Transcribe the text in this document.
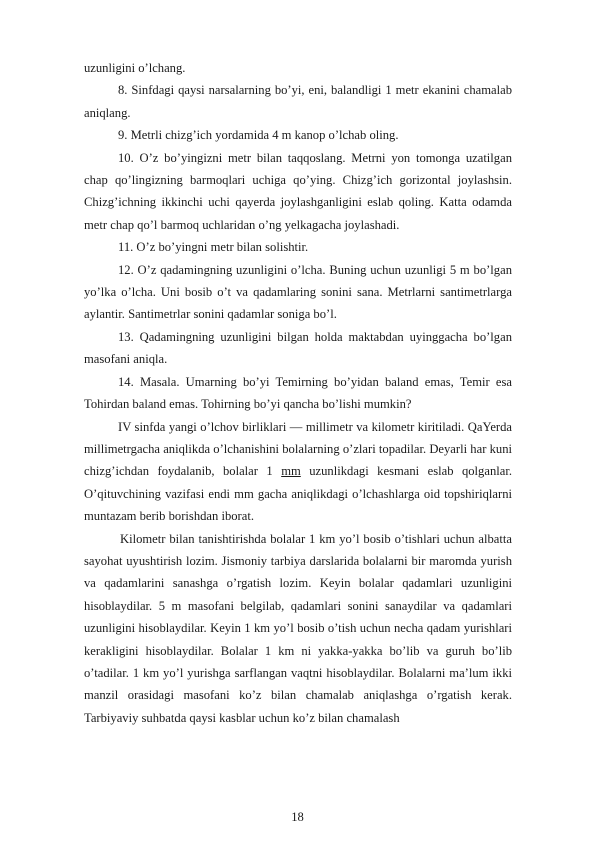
uzunligini o’lchang.

8. Sinfdagi qaysi narsalarning bo’yi, eni, balandligi 1 metr ekanini chamalab aniqlang.

9. Metrli chizg’ich yordamida 4 m kanop o’lchab oling.

10. O’z bo’yingizni metr bilan taqqoslang. Metrni yon tomonga uzatilgan chap qo’lingizning barmoqlari uchiga qo’ying. Chizg’ich gorizontal joylashsin. Chizg’ichning ikkinchi uchi qayerda joylashganligini eslab qoling. Katta odamda metr chap qo’l barmoq uchlaridan o’ng yelkagacha joylashadi.

11. O’z bo’yingni metr bilan solishtir.

12. O’z qadamingning uzunligini o’lcha. Buning uchun uzunligi 5 m bo’lgan yo’lka o’lcha. Uni bosib o’t va qadamlaring sonini sana. Metrlarni santimetrlarga aylantir. Santimetrlar sonini qadamlar soniga bo’l.

13. Qadamingning uzunligini bilgan holda maktabdan uyinggacha bo’lgan masofani aniqla.

14. Masala. Umarning bo’yi Temirning bo’yidan baland emas, Temir esa Tohirdan baland emas. Tohirning bo’yi qancha bo’lishi mumkin?

IV sinfda yangi o’lchov birliklari — millimetr va kilometr kiritiladi. QaYerda millimetrgacha aniqlikda o’lchanishini bolalarning o’zlari topadilar. Deyarli har kuni chizg’ichdan foydalanib, bolalar 1 mm uzunlikdagi kesmani eslab qolganlar. O’qituvchining vazifasi endi mm gacha aniqlikdagi o’lchashlarga oid topshiriqlarni muntazam berib borishdan iborat.

Kilometr bilan tanishtirishda bolalar 1 km yo’l bosib o’tishlari uchun albatta sayohat uyushtirish lozim. Jismoniy tarbiya darslarida bolalarni bir maromda yurish va qadamlarini sanashga o’rgatish lozim. Keyin bolalar qadamlari uzunligini hisoblaydilar. 5 m masofani belgilab, qadamlari sonini sanaydilar va qadamlari uzunligini hisoblaydilar. Keyin 1 km yo’l bosib o’tish uchun necha qadam yurishlari kerakligini hisoblaydilar. Bolalar 1 km ni yakka-yakka bo’lib va guruh bo’lib o’tadilar. 1 km yo’l yurishga sarflangan vaqtni hisoblaydilar. Bolalarni ma’lum ikki manzil orasidagi masofani ko’z bilan chamalab aniqlashga o’rgatish kerak. Tarbiyaviy suhbatda qaysi kasblar uchun ko’z bilan chamalash

18
